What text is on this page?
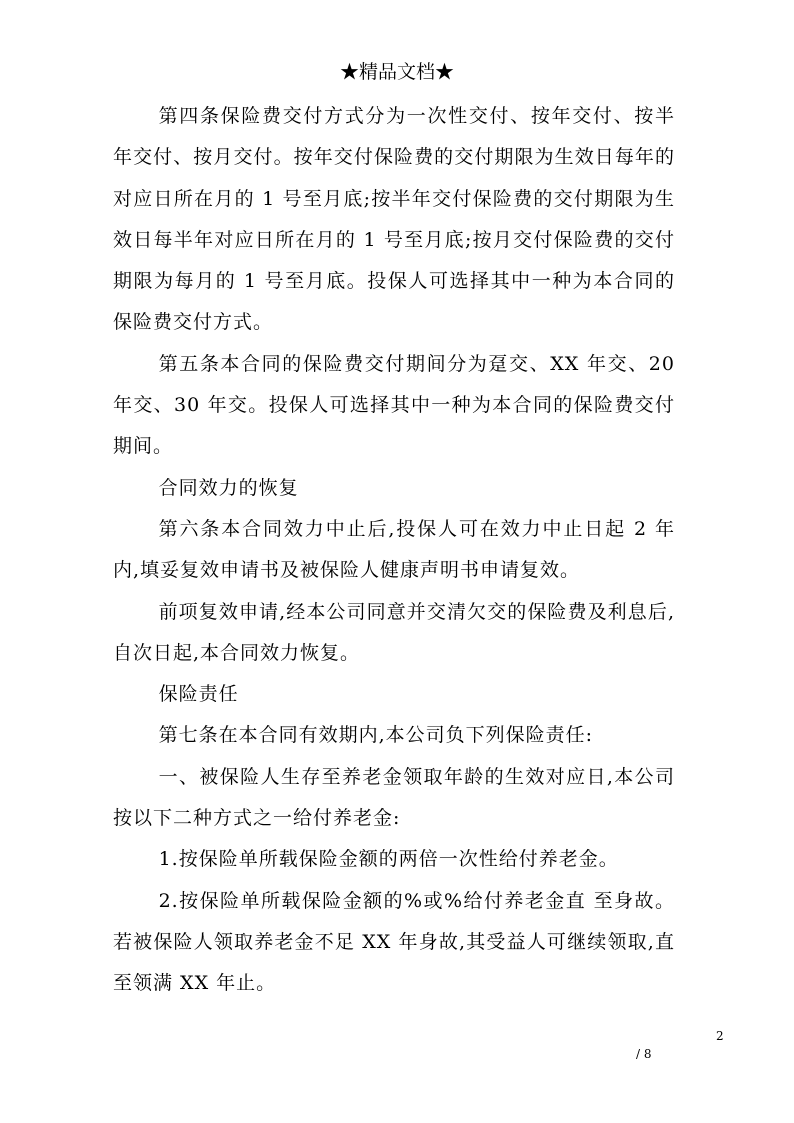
★精品文档★

第四条保险费交付方式分为一次性交付、按年交付、按半年交付、按月交付。按年交付保险费的交付期限为生效日每年的对应日所在月的 1 号至月底;按半年交付保险费的交付期限为生效日每半年对应日所在月的 1 号至月底;按月交付保险费的交付期限为每月的 1 号至月底。投保人可选择其中一种为本合同的保险费交付方式。

第五条本合同的保险费交付期间分为趸交、XX 年交、20 年交、30 年交。投保人可选择其中一种为本合同的保险费交付期间。

合同效力的恢复

第六条本合同效力中止后,投保人可在效力中止日起 2 年内,填妥复效申请书及被保险人健康声明书申请复效。

前项复效申请,经本公司同意并交清欠交的保险费及利息后,自次日起,本合同效力恢复。

保险责任

第七条在本合同有效期内,本公司负下列保险责任:

一、被保险人生存至养老金领取年龄的生效对应日,本公司按以下二种方式之一给付养老金:

1.按保险单所载保险金额的两倍一次性给付养老金。

2.按保险单所载保险金额的%或%给付养老金直 至身故。若被保险人领取养老金不足 XX 年身故,其受益人可继续领取,直至领满 XX 年止。

2
/ 8
